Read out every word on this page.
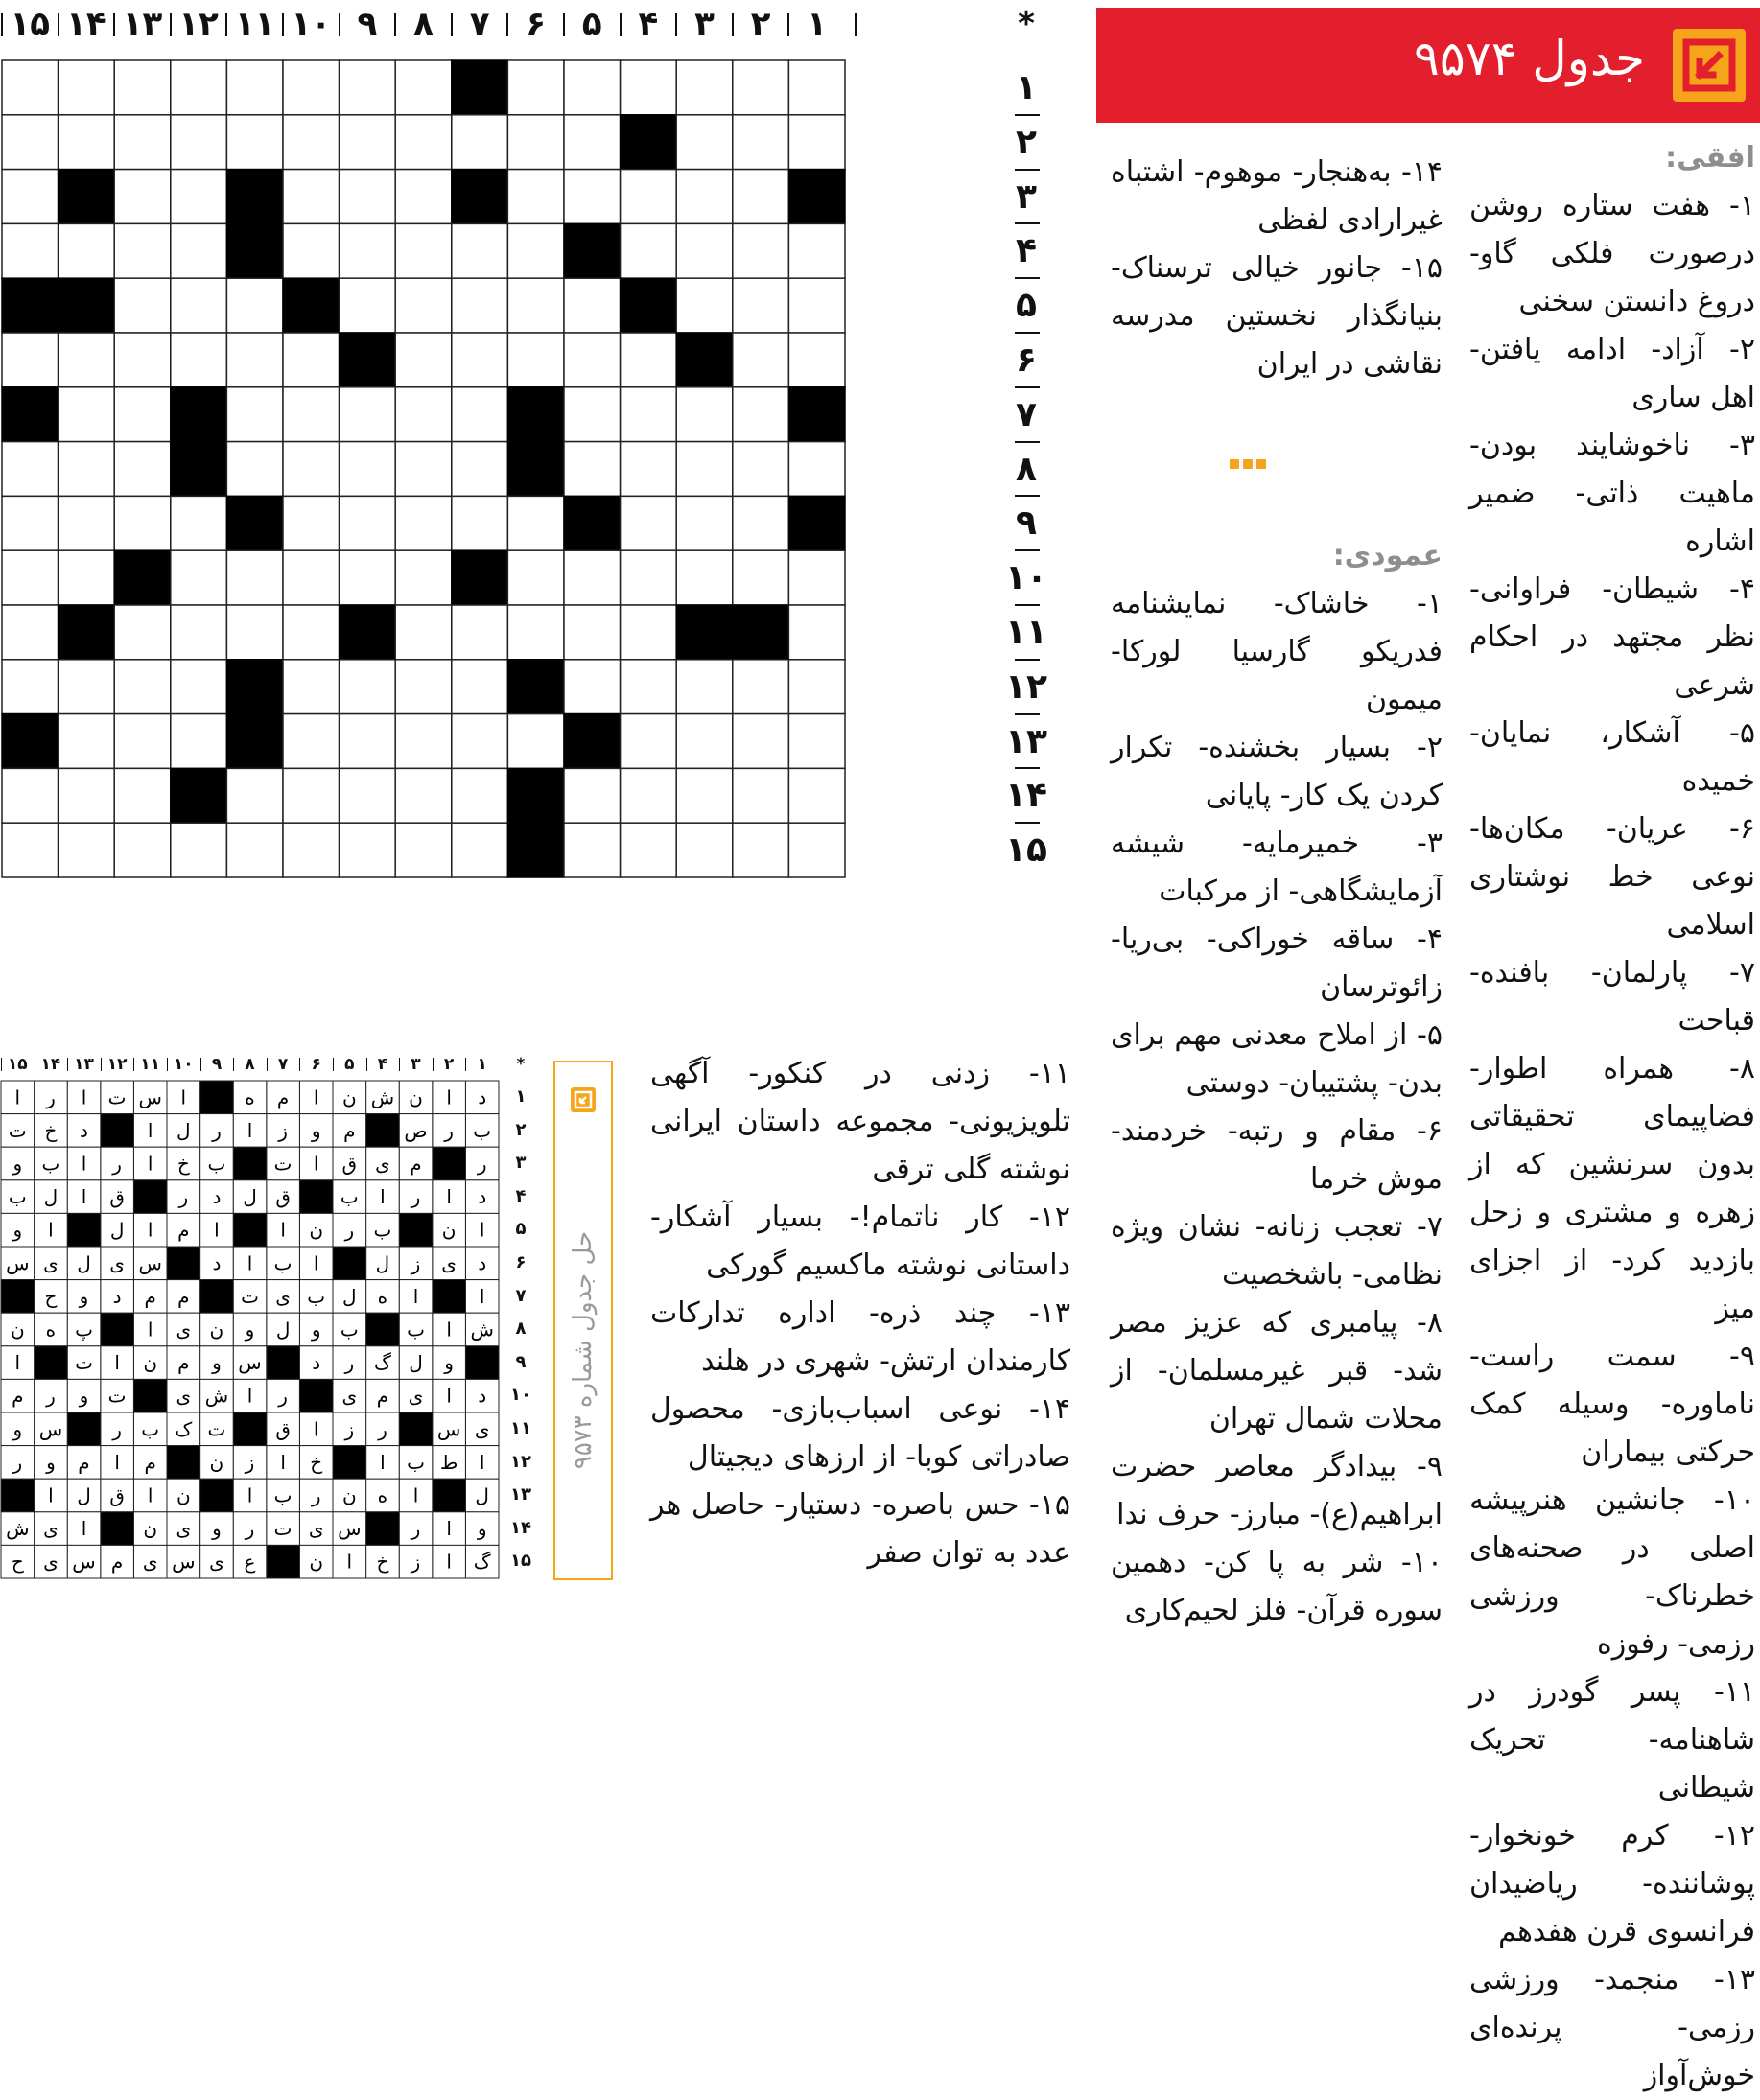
جدول ۹۵۷۴

افقی:

۱- هفت ستاره روشن درصورت فلکی گاو- دروغ دانستن سخنی

۲- آزاد- ادامه یافتن- اهل ساری

۳- ناخوشایند بودن- ماهیت ذاتی- ضمیر اشاره

۴- شیطان- فراوانی- نظر مجتهد در احکام شرعی

۵- آشکار، نمایان- خمیده

۶- عریان- مکان‌ها- نوعی خط نوشتاری اسلامی

۷- پارلمان- بافنده- قباحت

۸- همراه اطوار- فضاپیمای تحقیقاتی بدون سرنشین که از زهره و مشتری و زحل بازدید کرد- از اجزای میز

۹- سمت راست- ناماوره- وسیله کمک حرکتی بیماران

۱۰- جانشین هنرپیشه اصلی در صحنه‌های خطرناک- ورزشی رزمی- رفوزه

۱۱- پسر گودرز در شاهنامه- تحریک شیطانی

۱۲- کرم خونخوار- پوشاننده- ریاضیدان فرانسوی قرن هفدهم

۱۳- منجمد- ورزشی رزمی- پرنده‌ای خوش‌آواز

۱۴- به‌هنجار- موهوم- اشتباه غیرارادی لفظی

۱۵- جانور خیالی ترسناک- بنیانگذار نخستین مدرسه نقاشی در ایران

عمودی:

۱- خاشاک- نمایشنامه فدریکو گارسیا لورکا- میمون

۲- بسیار بخشنده- تکرار کردن یک کار- پایانی

۳- خمیرمایه- شیشه آزمایشگاهی- از مرکبات

۴- ساقه خوراکی- بی‌ریا- زائوترسان

۵- از املاح معدنی مهم برای بدن- پشتیبان- دوستی

۶- مقام و رتبه- خردمند- موش خرما

۷- تعجب زنانه- نشان ویژه نظامی- باشخصیت

۸- پیامبری که عزیز مصر شد- قبر غیرمسلمان- از محلات شمال تهران

۹- بیدادگر معاصر حضرت ابراهیم(ع)- مبارز- حرف ندا

۱۰- شر به پا کن- دهمین سوره قرآن- فلز لحیم‌کاری

۱۱- زدنی در کنکور- آگهی تلویزیونی- مجموعه داستان ایرانی نوشته گلی ترقی

۱۲- کار ناتمام!- بسیار آشکار- داستانی نوشته ماکسیم گورکی

۱۳- چند ذره- اداره تدارکات کارمندان ارتش- شهری در هلند

۱۴- نوعی اسباب‌بازی- محصول صادراتی کوبا- از ارزهای دیجیتال

۱۵- حس باصره- دستیار- حاصل هر عدد به توان صفر

۱
۲
۳
۴
۵
۶
۷
۸
۹
۱۰
۱۱
۱۲
۱۳
۱۴
۱۵	*
۱
۲
۳
۴
۵
۶
۷
۸
۹
۱۰
۱۱
۱۲
۱۳
۱۴
۱۵
۱
۲
۳
۴
۵
۶
۷
۸
۹
۱۰
۱۱
۱۲
۱۳
۱۴
۱۵	*
د
ا
ن
ش
ن
ا
م
ه
ا
س
ت
ا
ر
ا
ب
ر
ص
م
و
ز
ا
ر
ل
ا
د
خ
ت
ر
م
ی
ق
ا
ت
ب
خ
ا
ر
ا
ب
و
د
ا
ر
ا
ب
ق
ل
د
ر
ق
ا
ل
ب
ا
ن
ب
ر
ن
ا
ا
م
ا
ل
ا
و
د
ی
ز
ل
ا
ب
ا
د
س
ی
ل
ی
س
ا
ا
ه
ل
ب
ی
ت
م
م
د
و
ح
ش
ا
ب
ب
و
ل
و
ن
ی
ا
پ
ه
ن
و
ل
گ
ر
د
س
و
م
ن
ا
ت
ا
د
ا
ی
م
ی
ر
ا
ش
ی
ت
و
ر
م
ی
س
ر
ز
ا
ق
ت
ک
ب
ر
س
و
ا
ط
ب
ا
خ
ا
ز
ن
م
ا
م
و
ر
ل
ا
ه
ن
ر
ب
ا
ن
ا
ق
ل
ا
و
ا
ر
س
ی
ت
ر
و
ی
ن
ا
ی
ش
گ
ا
ز
خ
ا
ن
ع
ی
س
ی
م
س
ی
ح
۱
۲
۳
۴
۵
۶
۷
۸
۹
۱۰
۱۱
۱۲
۱۳
۱۴
۱۵
حل جدول شماره ۹۵۷۳
